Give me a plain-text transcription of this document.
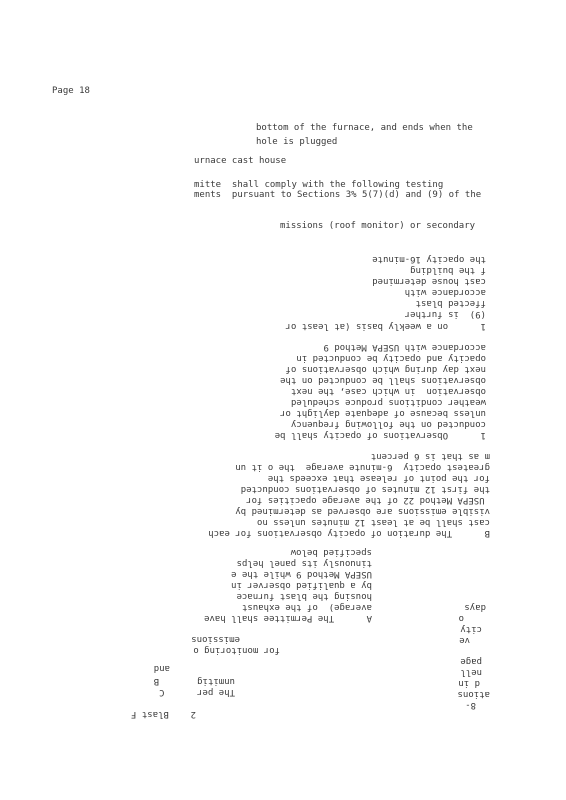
Page 18
bottom of the furnace, and ends when the
hole is plugged
urnace cast house
mitte  shall comply with the following testing
ments  pursuant to Sections 3% 5(7)(d) and (9) of the
missions (roof monitor) or secondary
the opacity 16-minute
f the building
cast house determined
accordance with
ffected blast
(9)  is further
1      on a weekly basis (at least or
accordance with USEPA Method 9
opacity and opacity be conducted in
next day during which observations of
observations shall be conducted on the
observation  in which case, the next
weather conditions produce scheduled
unless because of adequate daylight or
conducted on the following frequency
1      Observations of opacity shall be
m as that is 6 percent
greatest opacity  6-minute average  the o it un
for the point of release that exceeds the
the first 12 minutes of observations conducted
USEPA Method 22 of the average opacities for
visible emissions are observed as determined by
cast shall be at least 12 minutes unless no
B      The duration of opacity observations for each
specified below
tinuously its panel helps
USEPA Method 9 while the e
by a qualified observer in
housing the blast furnace
average)  of the exhaust
A      The Permittee shall have
emissions
for monitoring o
and
unmitig       B
The per      C
2    Blast F
days
o
city
ve
page
nell
d in
ations
8-
